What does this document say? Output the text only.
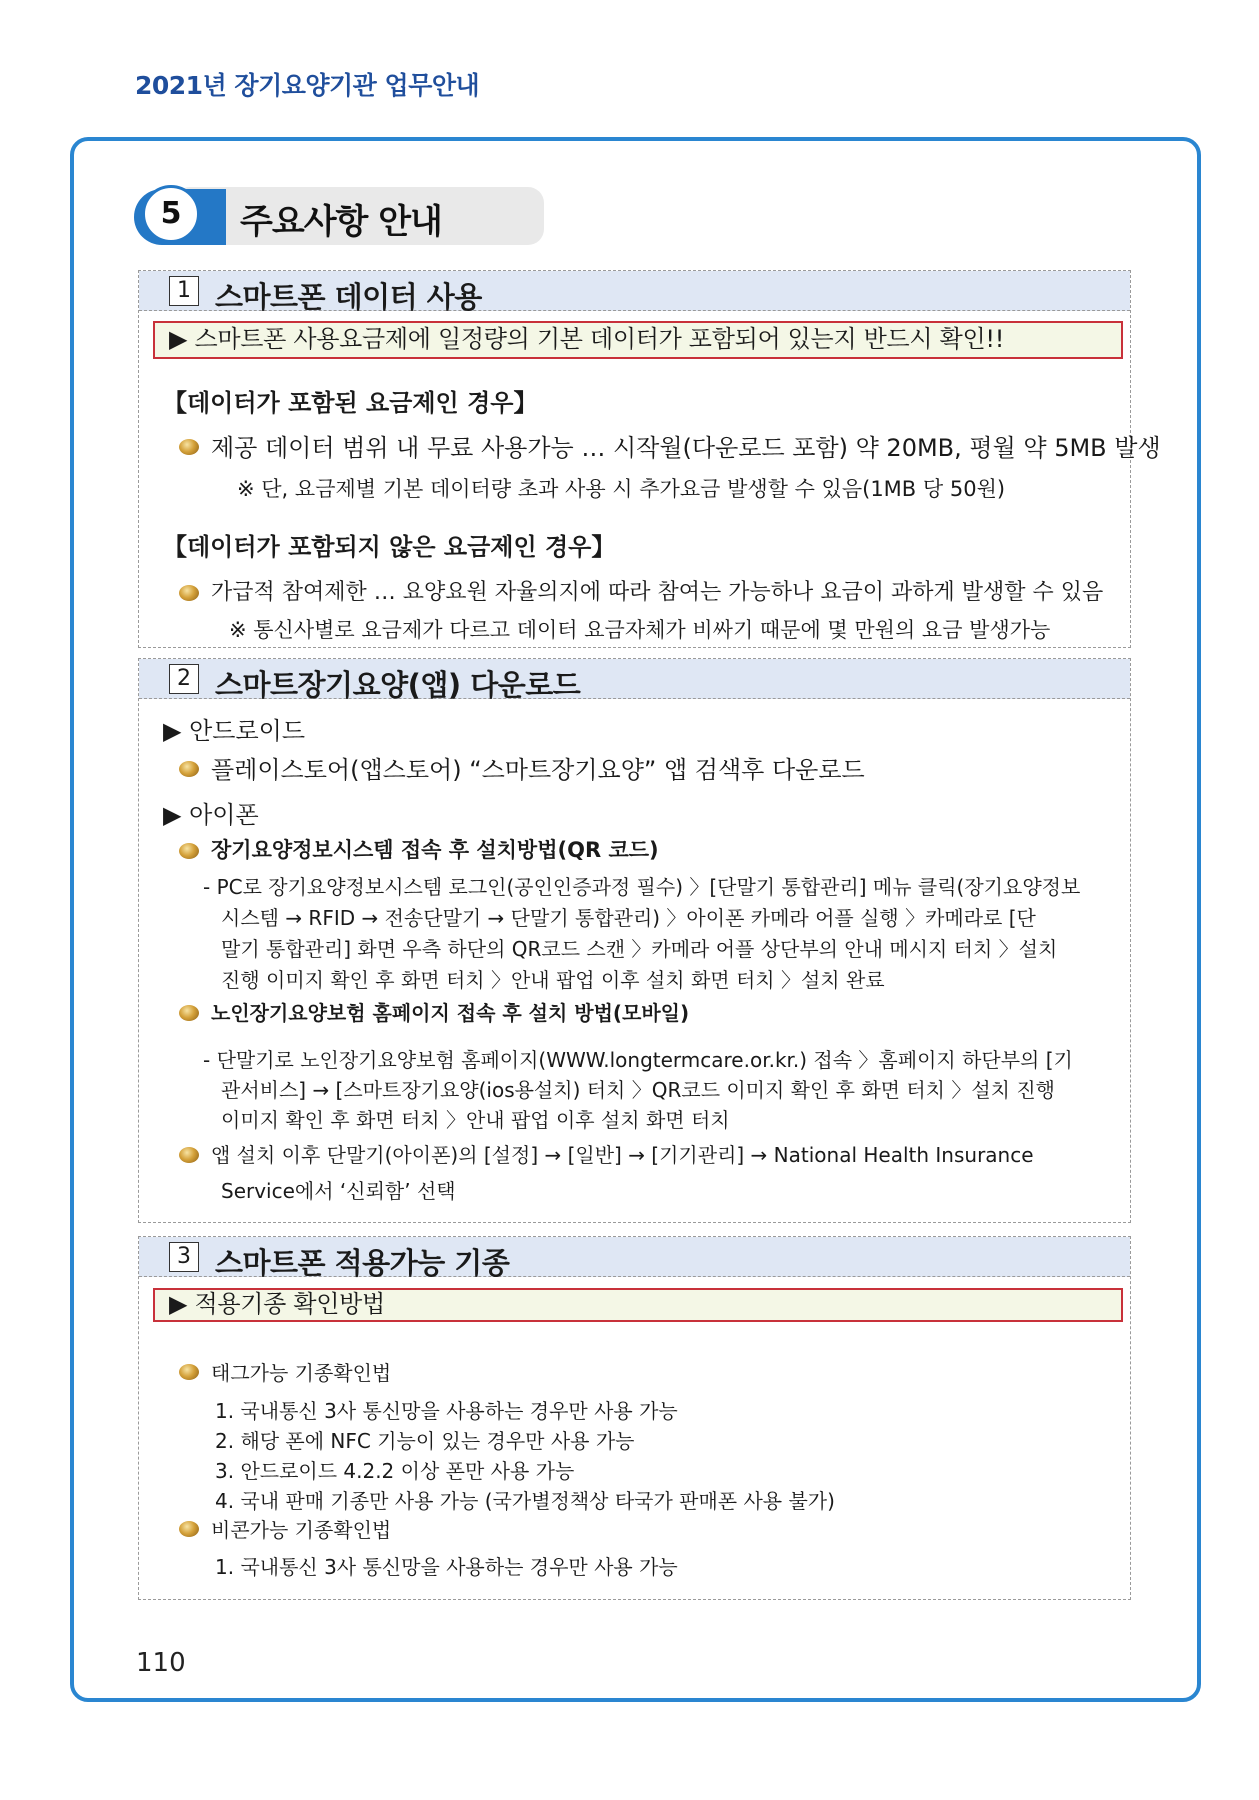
2021년 장기요양기관 업무안내
5	주요사항 안내
1 스마트폰 데이터 사용
▶ 스마트폰 사용요금제에 일정량의 기본 데이터가 포함되어 있는지 반드시 확인!!
【데이터가 포함된 요금제인 경우】
제공 데이터 범위 내 무료 사용가능 … 시작월(다운로드 포함) 약 20MB, 평월 약 5MB 발생
※ 단, 요금제별 기본 데이터량 초과 사용 시 추가요금 발생할 수 있음(1MB 당 50원)
【데이터가 포함되지 않은 요금제인 경우】
가급적 참여제한 … 요양요원 자율의지에 따라 참여는 가능하나 요금이 과하게 발생할 수 있음
※ 통신사별로 요금제가 다르고 데이터 요금자체가 비싸기 때문에 몇 만원의 요금 발생가능
2 스마트장기요양(앱) 다운로드
▶ 안드로이드
플레이스토어(앱스토어) “스마트장기요양” 앱 검색후 다운로드
▶ 아이폰
장기요양정보시스템 접속 후 설치방법(QR 코드)
- PC로 장기요양정보시스템 로그인(공인인증과정 필수) 〉[단말기 통합관리] 메뉴 클릭(장기요양정보
시스템 → RFID → 전송단말기 → 단말기 통합관리) 〉아이폰 카메라 어플 실행 〉카메라로 [단
말기 통합관리] 화면 우측 하단의 QR코드 스캔 〉카메라 어플 상단부의 안내 메시지 터치 〉설치
진행 이미지 확인 후 화면 터치 〉안내 팝업 이후 설치 화면 터치 〉설치 완료
노인장기요양보험 홈페이지 접속 후 설치 방법(모바일)
- 단말기로 노인장기요양보험 홈페이지(WWW.longtermcare.or.kr.) 접속 〉홈페이지 하단부의 [기
관서비스] → [스마트장기요양(ios용설치) 터치 〉QR코드 이미지 확인 후 화면 터치 〉설치 진행
이미지 확인 후 화면 터치 〉안내 팝업 이후 설치 화면 터치
앱 설치 이후 단말기(아이폰)의 [설정] → [일반] → [기기관리] → National Health Insurance
Service에서 ‘신뢰함’ 선택
3 스마트폰 적용가능 기종
▶ 적용기종 확인방법
태그가능 기종확인법
1. 국내통신 3사 통신망을 사용하는 경우만 사용 가능
2. 해당 폰에 NFC 기능이 있는 경우만 사용 가능
3. 안드로이드 4.2.2 이상 폰만 사용 가능
4. 국내 판매 기종만 사용 가능 (국가별정책상 타국가 판매폰 사용 불가)
비콘가능 기종확인법
1. 국내통신 3사 통신망을 사용하는 경우만 사용 가능
110
